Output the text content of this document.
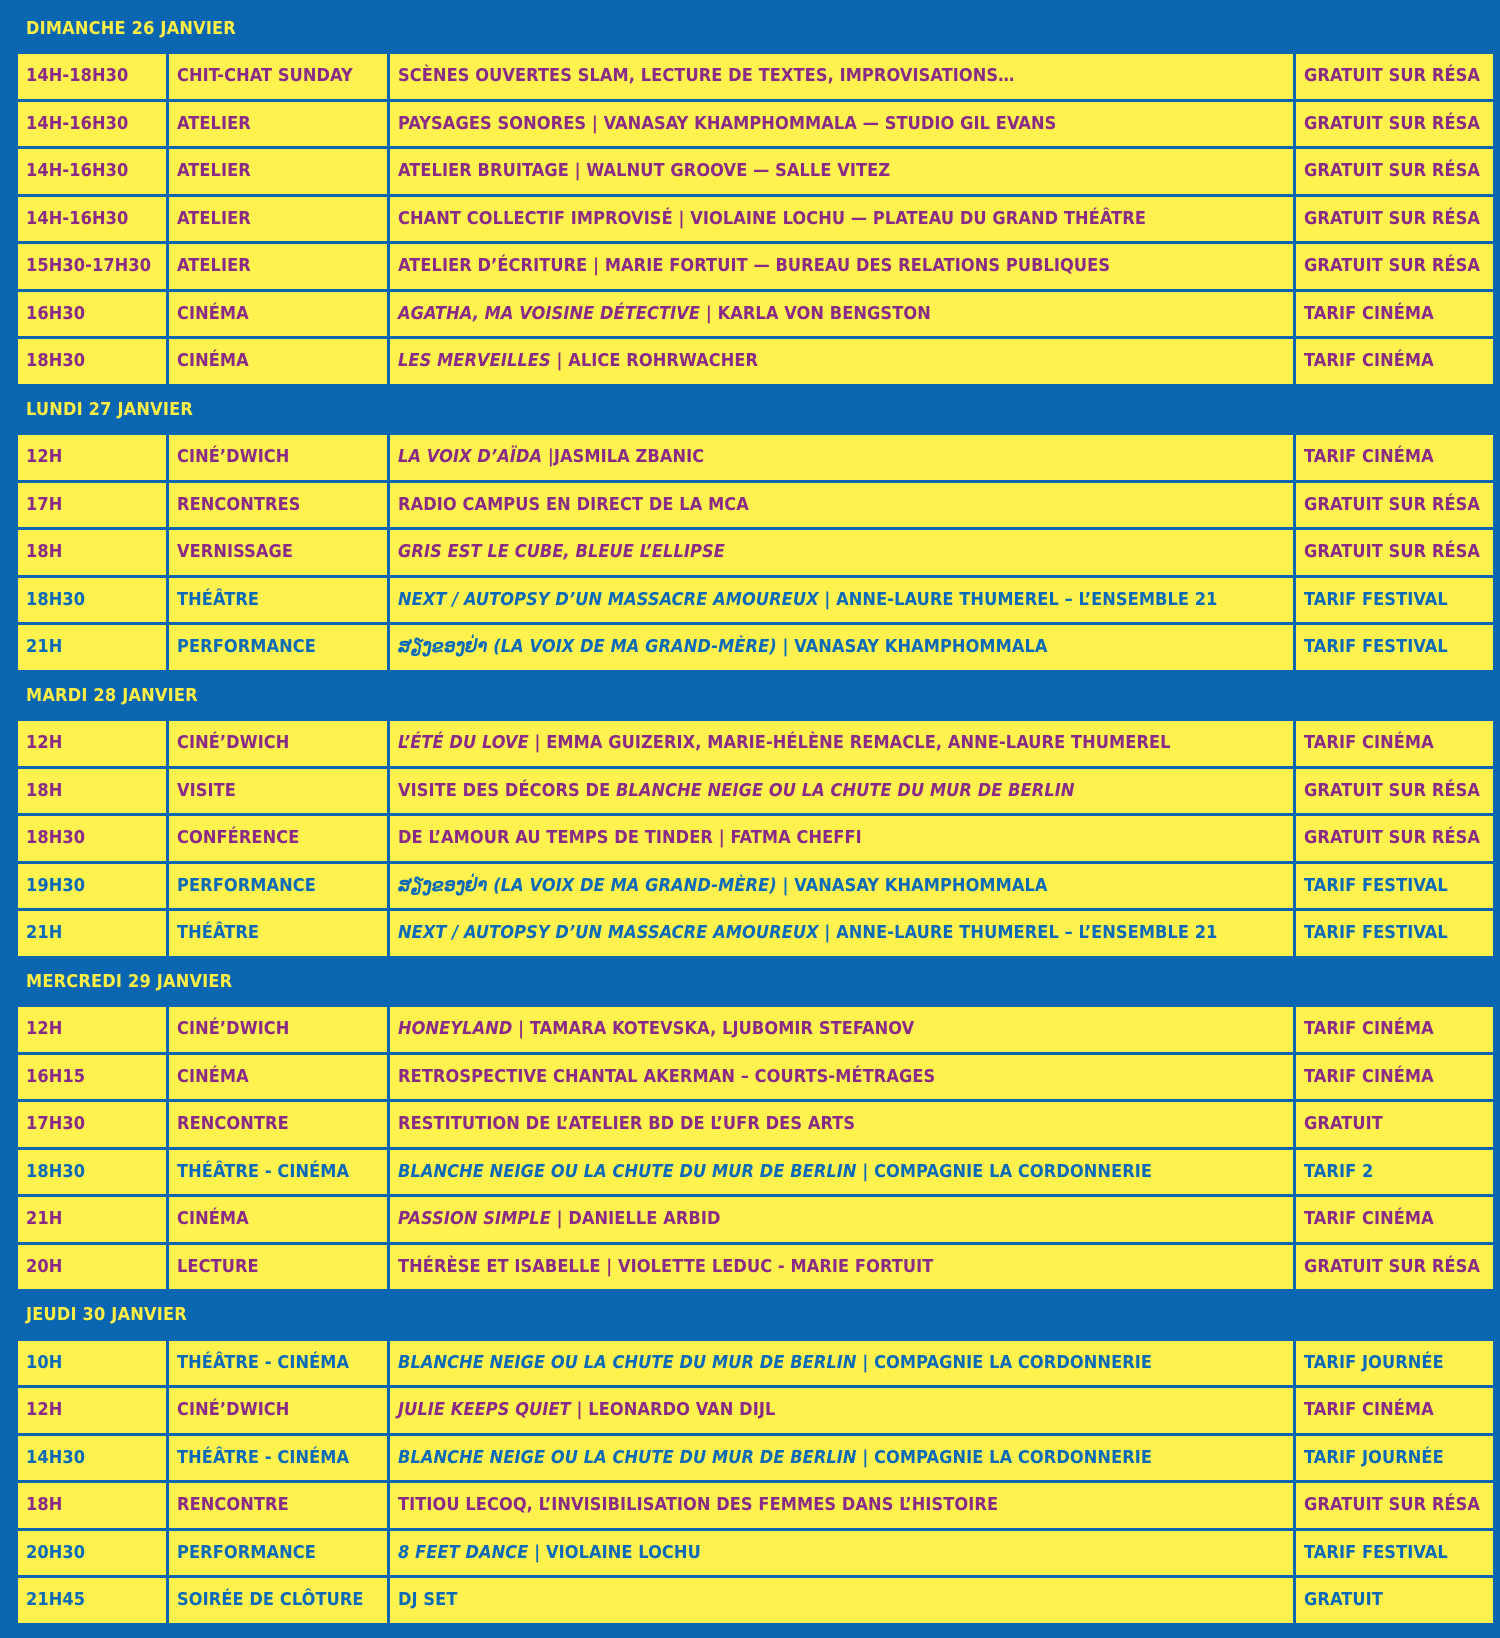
DIMANCHE 26 JANVIER
14H-18H30	CHIT-CHAT SUNDAY	SCÈNES OUVERTES SLAM, LECTURE DE TEXTES, IMPROVISATIONS…	GRATUIT SUR RÉSA
14H-16H30	ATELIER	PAYSAGES SONORES | VANASAY KHAMPHOMMALA — STUDIO GIL EVANS	GRATUIT SUR RÉSA
14H-16H30	ATELIER	ATELIER BRUITAGE | WALNUT GROOVE — SALLE VITEZ	GRATUIT SUR RÉSA
14H-16H30	ATELIER	CHANT COLLECTIF IMPROVISÉ | VIOLAINE LOCHU — PLATEAU DU GRAND THÉÂTRE	GRATUIT SUR RÉSA
15H30-17H30	ATELIER	ATELIER D’ÉCRITURE | MARIE FORTUIT — BUREAU DES RELATIONS PUBLIQUES	GRATUIT SUR RÉSA
16H30	CINÉMA	AGATHA, MA VOISINE DÉTECTIVE | KARLA VON BENGSTON	TARIF CINÉMA
18H30	CINÉMA	LES MERVEILLES | ALICE ROHRWACHER	TARIF CINÉMA
LUNDI 27 JANVIER
12H	CINÉ’DWICH	LA VOIX D’AÏDA |JASMILA ZBANIC	TARIF CINÉMA
17H	RENCONTRES	RADIO CAMPUS EN DIRECT DE LA MCA	GRATUIT SUR RÉSA
18H	VERNISSAGE	GRIS EST LE CUBE, BLEUE L’ELLIPSE	GRATUIT SUR RÉSA
18H30	THÉÂTRE	NEXT / AUTOPSY D’UN MASSACRE AMOUREUX | ANNE-LAURE THUMEREL – L’ENSEMBLE 21	TARIF FESTIVAL
21H	PERFORMANCE	ສຽງຂອງຢ່າ (LA VOIX DE MA GRAND-MÈRE) | VANASAY KHAMPHOMMALA	TARIF FESTIVAL
MARDI 28 JANVIER
12H	CINÉ’DWICH	L’ÉTÉ DU LOVE | EMMA GUIZERIX, MARIE-HÉLÈNE REMACLE, ANNE-LAURE THUMEREL	TARIF CINÉMA
18H	VISITE	VISITE DES DÉCORS DE BLANCHE NEIGE OU LA CHUTE DU MUR DE BERLIN	GRATUIT SUR RÉSA
18H30	CONFÉRENCE	DE L’AMOUR AU TEMPS DE TINDER | FATMA CHEFFI	GRATUIT SUR RÉSA
19H30	PERFORMANCE	ສຽງຂອງຢ່າ (LA VOIX DE MA GRAND-MÈRE) | VANASAY KHAMPHOMMALA	TARIF FESTIVAL
21H	THÉÂTRE	NEXT / AUTOPSY D’UN MASSACRE AMOUREUX | ANNE-LAURE THUMEREL – L’ENSEMBLE 21	TARIF FESTIVAL
MERCREDI 29 JANVIER
12H	CINÉ’DWICH	HONEYLAND | TAMARA KOTEVSKA, LJUBOMIR STEFANOV	TARIF CINÉMA
16H15	CINÉMA	RETROSPECTIVE CHANTAL AKERMAN – COURTS-MÉTRAGES	TARIF CINÉMA
17H30	RENCONTRE	RESTITUTION DE L’ATELIER BD DE L’UFR DES ARTS	GRATUIT
18H30	THÉÂTRE - CINÉMA	BLANCHE NEIGE OU LA CHUTE DU MUR DE BERLIN | COMPAGNIE LA CORDONNERIE	TARIF 2
21H	CINÉMA	PASSION SIMPLE | DANIELLE ARBID	TARIF CINÉMA
20H	LECTURE	THÉRÈSE ET ISABELLE | VIOLETTE LEDUC - MARIE FORTUIT	GRATUIT SUR RÉSA
JEUDI 30 JANVIER
10H	THÉÂTRE - CINÉMA	BLANCHE NEIGE OU LA CHUTE DU MUR DE BERLIN | COMPAGNIE LA CORDONNERIE	TARIF JOURNÉE
12H	CINÉ’DWICH	JULIE KEEPS QUIET | LEONARDO VAN DIJL	TARIF CINÉMA
14H30	THÉÂTRE - CINÉMA	BLANCHE NEIGE OU LA CHUTE DU MUR DE BERLIN | COMPAGNIE LA CORDONNERIE	TARIF JOURNÉE
18H	RENCONTRE	TITIOU LECOQ, L’INVISIBILISATION DES FEMMES DANS L’HISTOIRE	GRATUIT SUR RÉSA
20H30	PERFORMANCE	8 FEET DANCE | VIOLAINE LOCHU	TARIF FESTIVAL
21H45	SOIRÉE DE CLÔTURE	DJ SET	GRATUIT
